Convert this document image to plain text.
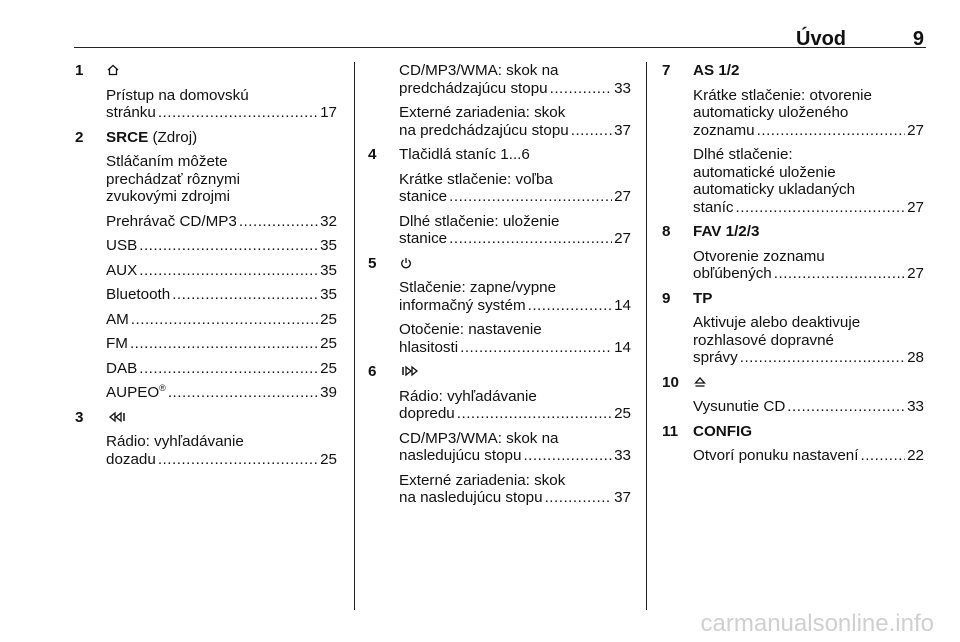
Úvod	9
1
Prístup na domovskú
stránku .....	17
2 SRCE (Zdroj)
Stláčaním môžete
prechádzať rôznymi
zvukovými zdrojmi
Prehrávač CD/MP3 .....	32
USB .....	35
AUX .....	35
Bluetooth .....	35
AM .....	25
FM .....	25
DAB .....	25
AUPEO® .....	39
3
Rádio: vyhľadávanie
dozadu .....	25
CD/MP3/WMA: skok na
predchádzajúcu stopu .....	33
Externé zariadenia: skok
na predchádzajúcu stopu .....	37
4 Tlačidlá staníc 1...6
Krátke stlačenie: voľba
stanice .....	27
Dlhé stlačenie: uloženie
stanice .....	27
5
Stlačenie: zapne/vypne
informačný systém .....	14
Otočenie: nastavenie
hlasitosti .....	14
6
Rádio: vyhľadávanie
dopredu .....	25
CD/MP3/WMA: skok na
nasledujúcu stopu .....	33
Externé zariadenia: skok
na nasledujúcu stopu .....	37
7 AS 1/2
Krátke stlačenie: otvorenie
automaticky uloženého
zoznamu .....	27
Dlhé stlačenie:
automatické uloženie
automaticky ukladaných
staníc .....	27
8 FAV 1/2/3
Otvorenie zoznamu
obľúbených .....	27
9 TP
Aktivuje alebo deaktivuje
rozhlasové dopravné
správy .....	28
10
Vysunutie CD .....	33
11 CONFIG
Otvorí ponuku nastavení .....	22
carmanualsonline.info
